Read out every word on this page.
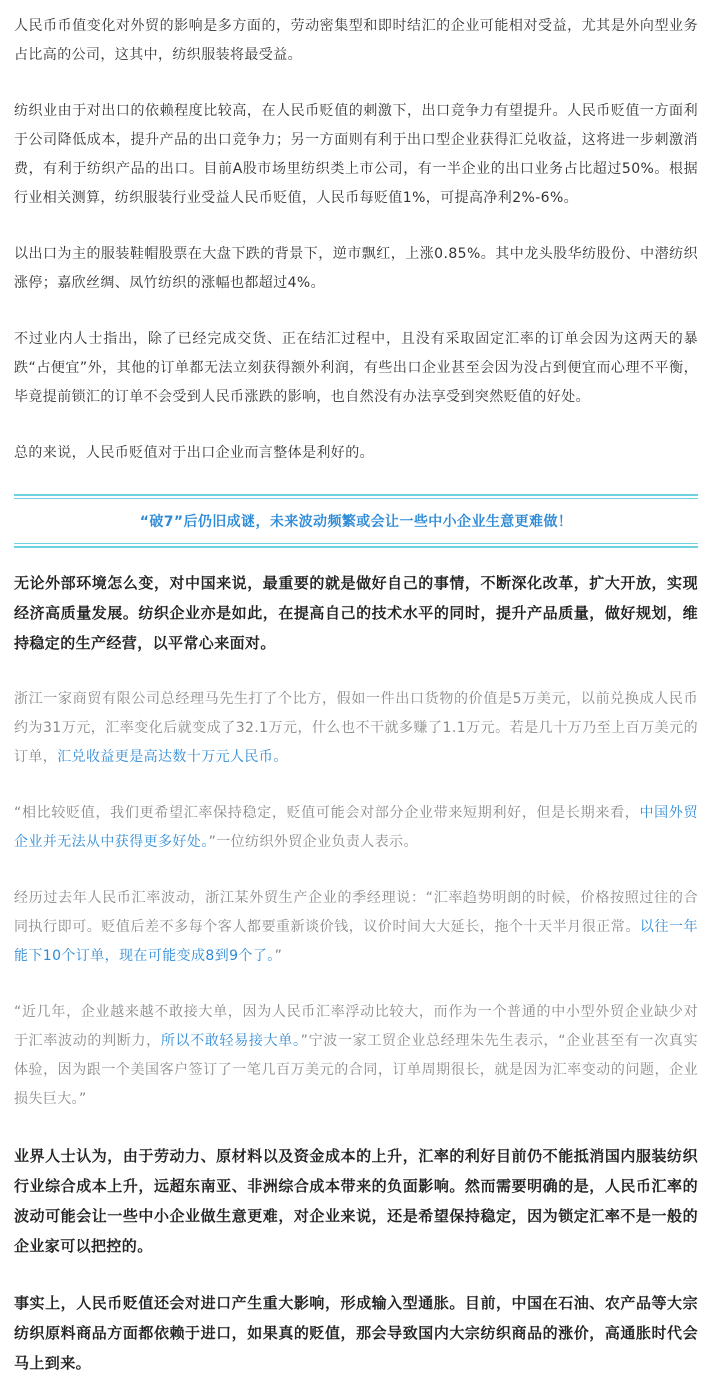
人民币币值变化对外贸的影响是多方面的，劳动密集型和即时结汇的企业可能相对受益，尤其是外向型业务占比高的公司，这其中，纺织服装将最受益。

纺织业由于对出口的依赖程度比较高，在人民币贬值的刺激下，出口竞争力有望提升。人民币贬值一方面利于公司降低成本，提升产品的出口竞争力；另一方面则有利于出口型企业获得汇兑收益，这将进一步刺激消费，有利于纺织产品的出口。目前A股市场里纺织类上市公司，有一半企业的出口业务占比超过50%。根据行业相关测算，纺织服装行业受益人民币贬值，人民币每贬值1%，可提高净利2%-6%。

以出口为主的服装鞋帽股票在大盘下跌的背景下，逆市飘红，上涨0.85%。其中龙头股华纺股份、中潜纺织涨停；嘉欣丝绸、凤竹纺织的涨幅也都超过4%。

不过业内人士指出，除了已经完成交货、正在结汇过程中，且没有采取固定汇率的订单会因为这两天的暴跌“占便宜”外，其他的订单都无法立刻获得额外利润，有些出口企业甚至会因为没占到便宜而心理不平衡，毕竟提前锁汇的订单不会受到人民币涨跌的影响，也自然没有办法享受到突然贬值的好处。

总的来说，人民币贬值对于出口企业而言整体是利好的。

“破7”后仍旧成谜，未来波动频繁或会让一些中小企业生意更难做！

无论外部环境怎么变，对中国来说，最重要的就是做好自己的事情，不断深化改革，扩大开放，实现经济高质量发展。纺织企业亦是如此，在提高自己的技术水平的同时，提升产品质量，做好规划，维持稳定的生产经营，以平常心来面对。

浙江一家商贸有限公司总经理马先生打了个比方，假如一件出口货物的价值是5万美元，以前兑换成人民币约为31万元，汇率变化后就变成了32.1万元，什么也不干就多赚了1.1万元。若是几十万乃至上百万美元的订单，汇兑收益更是高达数十万元人民币。

“相比较贬值，我们更希望汇率保持稳定，贬值可能会对部分企业带来短期利好，但是长期来看，中国外贸企业并无法从中获得更多好处。”一位纺织外贸企业负责人表示。

经历过去年人民币汇率波动，浙江某外贸生产企业的季经理说：“汇率趋势明朗的时候，价格按照过往的合同执行即可。贬值后差不多每个客人都要重新谈价钱，议价时间大大延长，拖个十天半月很正常。以往一年能下10个订单，现在可能变成8到9个了。”

“近几年，企业越来越不敢接大单，因为人民币汇率浮动比较大，而作为一个普通的中小型外贸企业缺少对于汇率波动的判断力，所以不敢轻易接大单。”宁波一家工贸企业总经理朱先生表示，“企业甚至有一次真实体验，因为跟一个美国客户签订了一笔几百万美元的合同，订单周期很长，就是因为汇率变动的问题，企业损失巨大。”

业界人士认为，由于劳动力、原材料以及资金成本的上升，汇率的利好目前仍不能抵消国内服装纺织行业综合成本上升，远超东南亚、非洲综合成本带来的负面影响。然而需要明确的是，人民币汇率的波动可能会让一些中小企业做生意更难，对企业来说，还是希望保持稳定，因为锁定汇率不是一般的企业家可以把控的。

事实上，人民币贬值还会对进口产生重大影响，形成输入型通胀。目前，中国在石油、农产品等大宗纺织原料商品方面都依赖于进口，如果真的贬值，那会导致国内大宗纺织商品的涨价，高通胀时代会马上到来。
